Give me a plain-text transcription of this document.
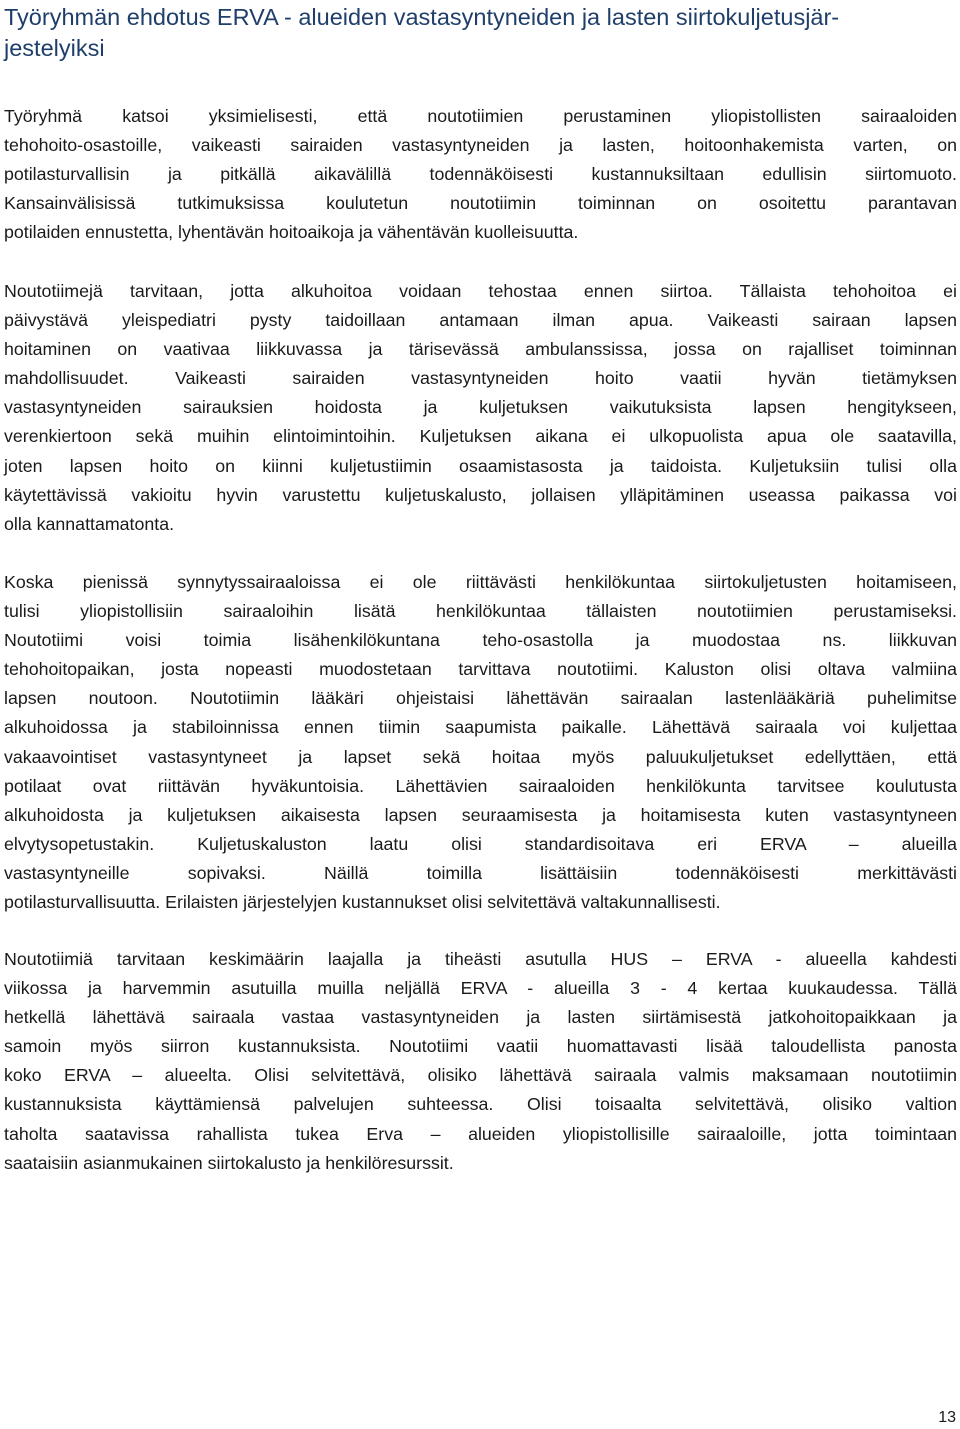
Työryhmän ehdotus ERVA - alueiden vastasyntyneiden ja lasten siirtokuljetusjär-
jestelyiksi

Työryhmä katsoi yksimielisesti, että noutotiimien perustaminen yliopistollisten sairaaloiden
tehohoito-osastoille, vaikeasti sairaiden vastasyntyneiden ja lasten, hoitoonhakemista varten, on
potilasturvallisin ja pitkällä aikavälillä todennäköisesti kustannuksiltaan edullisin siirtomuoto.
Kansainvälisissä tutkimuksissa koulutetun noutotiimin toiminnan on osoitettu parantavan
potilaiden ennustetta, lyhentävän hoitoaikoja ja vähentävän kuolleisuutta.

Noutotiimejä tarvitaan, jotta alkuhoitoa voidaan tehostaa ennen siirtoa. Tällaista tehohoitoa ei
päivystävä yleispediatri pysty taidoillaan antamaan ilman apua. Vaikeasti sairaan lapsen
hoitaminen on vaativaa liikkuvassa ja tärisevässä ambulanssissa, jossa on rajalliset toiminnan
mahdollisuudet. Vaikeasti sairaiden vastasyntyneiden hoito vaatii hyvän tietämyksen
vastasyntyneiden sairauksien hoidosta ja kuljetuksen vaikutuksista lapsen hengitykseen,
verenkiertoon sekä muihin elintoimintoihin. Kuljetuksen aikana ei ulkopuolista apua ole saatavilla,
joten lapsen hoito on kiinni kuljetustiimin osaamistasosta ja taidoista. Kuljetuksiin tulisi olla
käytettävissä vakioitu hyvin varustettu kuljetuskalusto, jollaisen ylläpitäminen useassa paikassa voi
olla kannattamatonta.

Koska pienissä synnytyssairaaloissa ei ole riittävästi henkilökuntaa siirtokuljetusten hoitamiseen,
tulisi yliopistollisiin sairaaloihin lisätä henkilökuntaa tällaisten noutotiimien perustamiseksi.
Noutotiimi voisi toimia lisähenkilökuntana teho-osastolla ja muodostaa ns. liikkuvan
tehohoitopaikan, josta nopeasti muodostetaan tarvittava noutotiimi. Kaluston olisi oltava valmiina
lapsen noutoon. Noutotiimin lääkäri ohjeistaisi lähettävän sairaalan lastenlääkäriä puhelimitse
alkuhoidossa ja stabiloinnissa ennen tiimin saapumista paikalle. Lähettävä sairaala voi kuljettaa
vakaavointiset vastasyntyneet ja lapset sekä hoitaa myös paluukuljetukset edellyttäen, että
potilaat ovat riittävän hyväkuntoisia. Lähettävien sairaaloiden henkilökunta tarvitsee koulutusta
alkuhoidosta ja kuljetuksen aikaisesta lapsen seuraamisesta ja hoitamisesta kuten vastasyntyneen
elvytysopetustakin. Kuljetuskaluston laatu olisi standardisoitava eri ERVA – alueilla
vastasyntyneille sopivaksi. Näillä toimilla lisättäisiin todennäköisesti merkittävästi
potilasturvallisuutta. Erilaisten järjestelyjen kustannukset olisi selvitettävä valtakunnallisesti.

Noutotiimiä tarvitaan keskimäärin laajalla ja tiheästi asutulla HUS – ERVA - alueella kahdesti
viikossa ja harvemmin asutuilla muilla neljällä ERVA - alueilla 3 - 4 kertaa kuukaudessa. Tällä
hetkellä lähettävä sairaala vastaa vastasyntyneiden ja lasten siirtämisestä jatkohoitopaikkaan ja
samoin myös siirron kustannuksista. Noutotiimi vaatii huomattavasti lisää taloudellista panosta
koko ERVA – alueelta. Olisi selvitettävä, olisiko lähettävä sairaala valmis maksamaan noutotiimin
kustannuksista käyttämiensä palvelujen suhteessa. Olisi toisaalta selvitettävä, olisiko valtion
taholta saatavissa rahallista tukea Erva – alueiden yliopistollisille sairaaloille, jotta toimintaan
saataisiin asianmukainen siirtokalusto ja henkilöresurssit.

13
